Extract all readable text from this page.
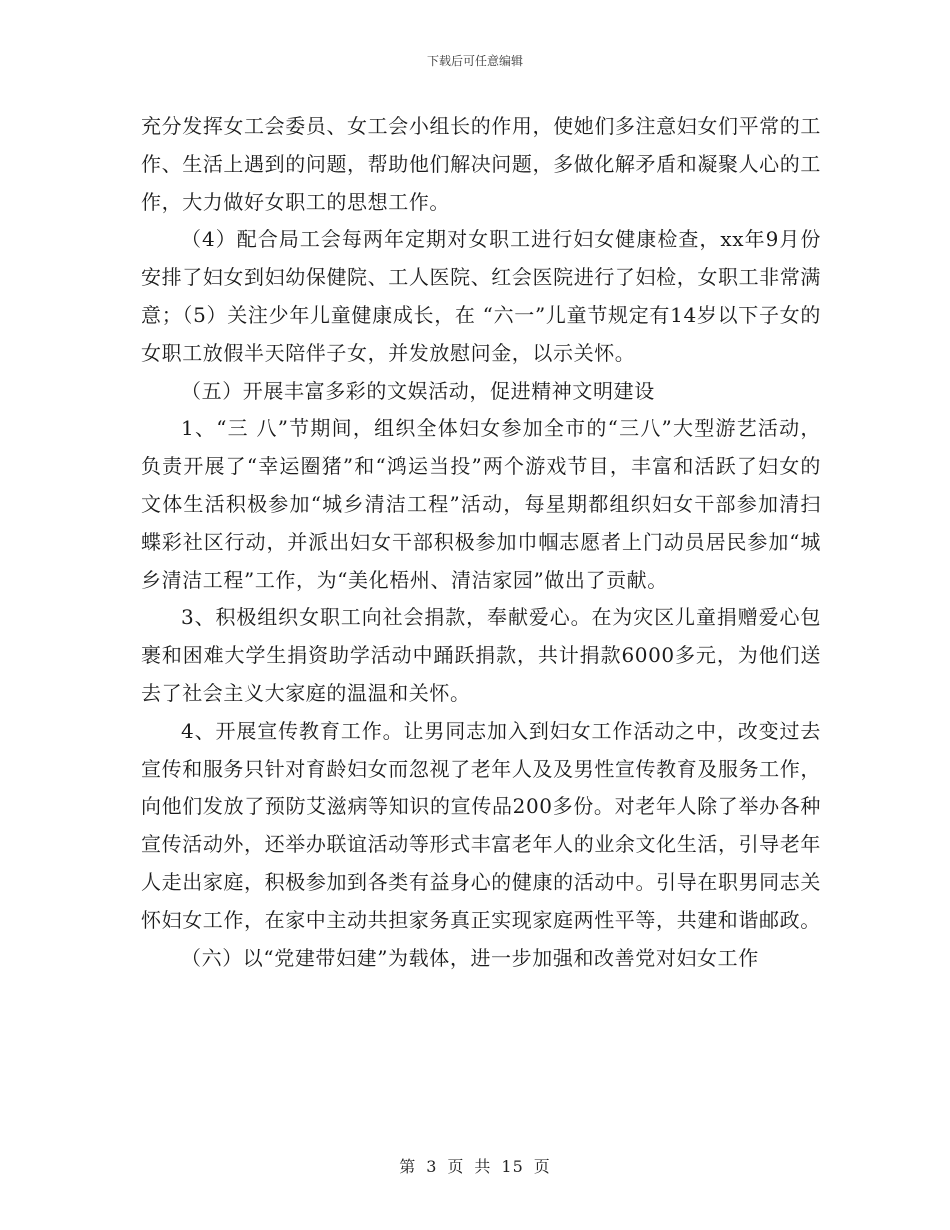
下载后可任意编辑

充分发挥女工会委员、女工会小组长的作用，使她们多注意妇女们平常的工作、生活上遇到的问题，帮助他们解决问题，多做化解矛盾和凝聚人心的工作，大力做好女职工的思想工作。

（4）配合局工会每两年定期对女职工进行妇女健康检查，xx年9月份安排了妇女到妇幼保健院、工人医院、红会医院进行了妇检，女职工非常满意；（5）关注少年儿童健康成长，在 “六一”儿童节规定有14岁以下子女的女职工放假半天陪伴子女，并发放慰问金，以示关怀。

（五）开展丰富多彩的文娱活动，促进精神文明建设

1、“三 八”节期间，组织全体妇女参加全市的“三八”大型游艺活动，负责开展了“幸运圈猪”和“鸿运当投”两个游戏节目，丰富和活跃了妇女的文体生活积极参加“城乡清洁工程”活动，每星期都组织妇女干部参加清扫蝶彩社区行动，并派出妇女干部积极参加巾帼志愿者上门动员居民参加“城乡清洁工程”工作，为“美化梧州、清洁家园”做出了贡献。

3、积极组织女职工向社会捐款，奉献爱心。在为灾区儿童捐赠爱心包裹和困难大学生捐资助学活动中踊跃捐款，共计捐款6000多元，为他们送去了社会主义大家庭的温温和关怀。

4、开展宣传教育工作。让男同志加入到妇女工作活动之中，改变过去宣传和服务只针对育龄妇女而忽视了老年人及及男性宣传教育及服务工作，向他们发放了预防艾滋病等知识的宣传品200多份。对老年人除了举办各种宣传活动外，还举办联谊活动等形式丰富老年人的业余文化生活，引导老年人走出家庭，积极参加到各类有益身心的健康的活动中。引导在职男同志关怀妇女工作，在家中主动共担家务真正实现家庭两性平等，共建和谐邮政。

（六）以“党建带妇建”为载体，进一步加强和改善党对妇女工作

第 3 页 共 15 页
